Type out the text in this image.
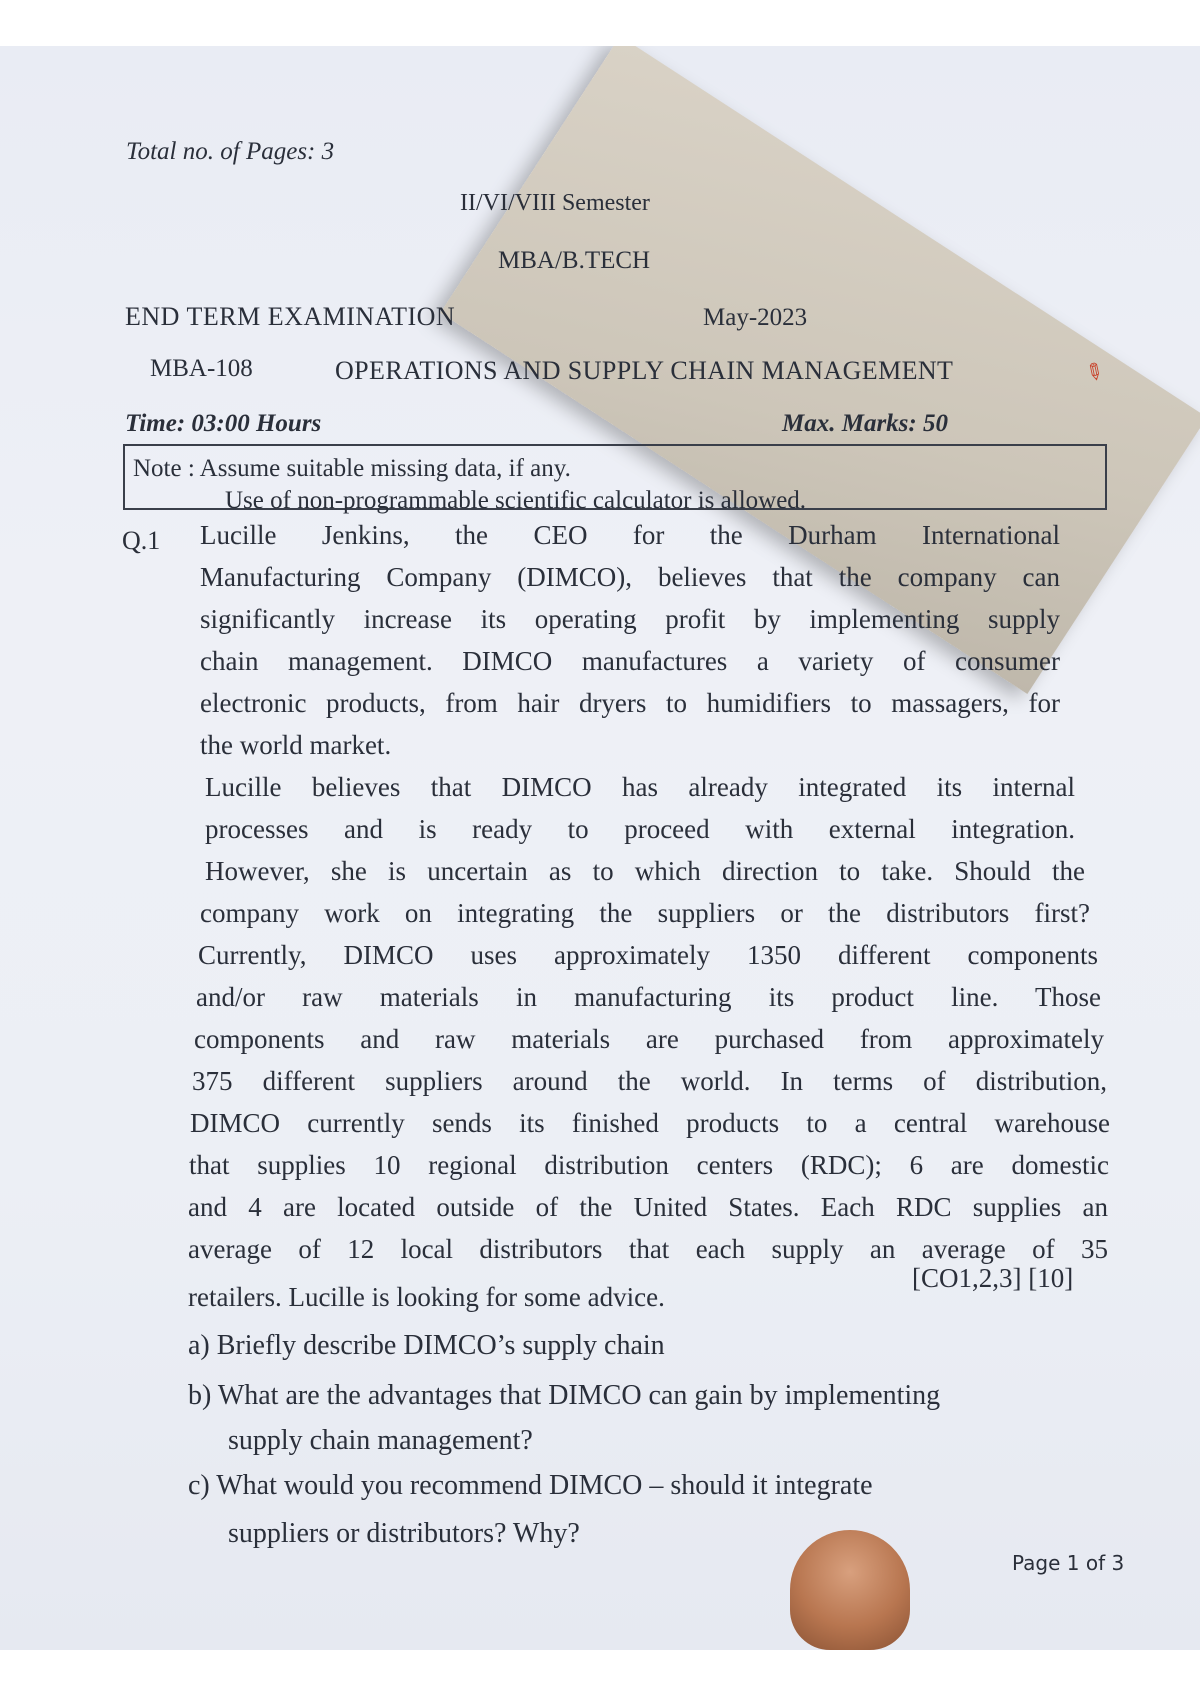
✎
Total no. of Pages: 3
II/VI/VIII Semester
MBA/B.TECH
END TERM EXAMINATION	May-2023
MBA-108	OPERATIONS AND SUPPLY CHAIN MANAGEMENT
Time: 03:00 Hours	Max. Marks: 50
Note : Assume suitable missing data, if any.
Use of non-programmable scientific calculator is allowed.
Q.1 Lucille Jenkins, the CEO for the Durham International
Manufacturing Company (DIMCO), believes that the company can
significantly increase its operating profit by implementing supply
chain management. DIMCO manufactures a variety of consumer
electronic products, from hair dryers to humidifiers to massagers, for
the world market.
Lucille believes that DIMCO has already integrated its internal
processes and is ready to proceed with external integration.
However, she is uncertain as to which direction to take. Should the
company work on integrating the suppliers or the distributors first?
Currently, DIMCO uses approximately 1350 different components
and/or raw materials in manufacturing its product line. Those
components and raw materials are purchased from approximately
375 different suppliers around the world. In terms of distribution,
DIMCO currently sends its finished products to a central warehouse
that supplies 10 regional distribution centers (RDC); 6 are domestic
and 4 are located outside of the United States. Each RDC supplies an
average of 12 local distributors that each supply an average of 35
retailers. Lucille is looking for some advice.
[CO1,2,3] [10]
a) Briefly describe DIMCO’s supply chain
b) What are the advantages that DIMCO can gain by implementing
supply chain management?
c) What would you recommend DIMCO – should it integrate
suppliers or distributors? Why?
Page 1 of 3
